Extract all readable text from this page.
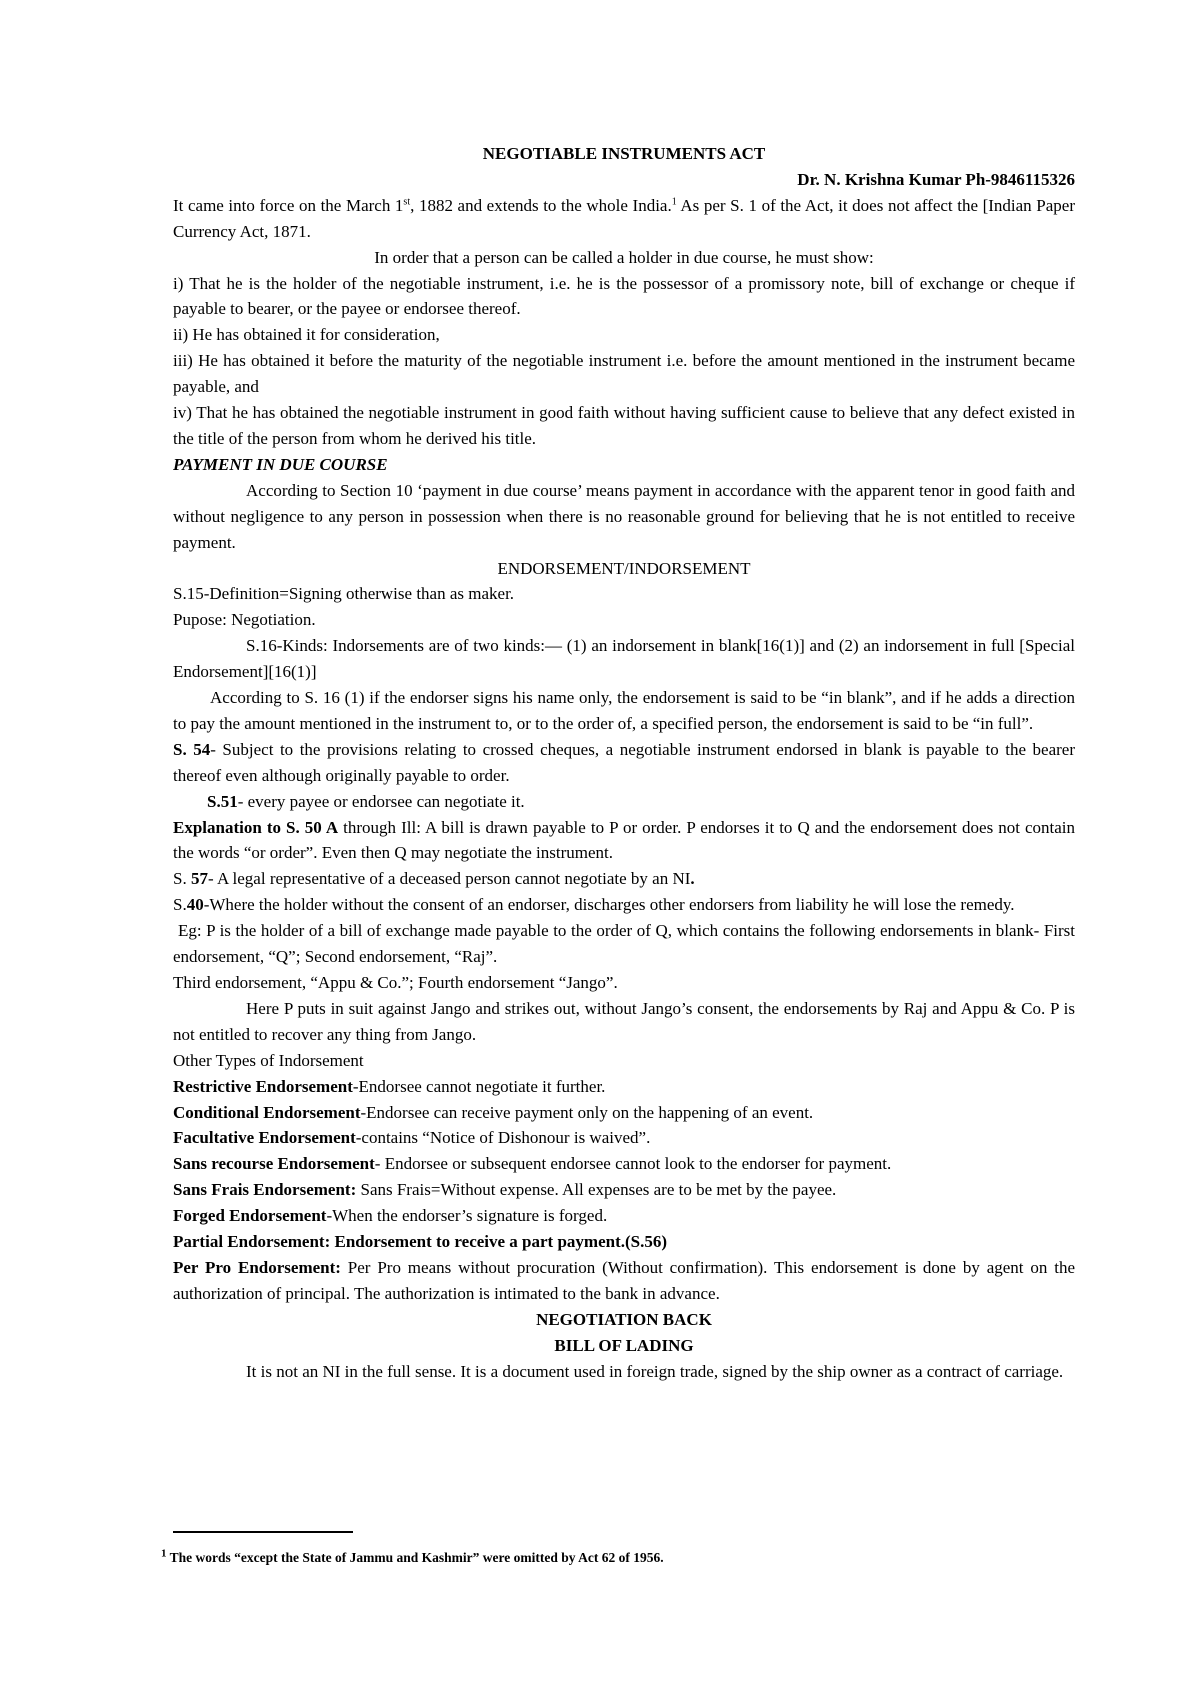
NEGOTIABLE INSTRUMENTS ACT

Dr. N. Krishna Kumar Ph-9846115326

It came into force on the March 1st, 1882 and extends to the whole India.$^1$ As per S. 1 of the Act, it does not affect the [Indian Paper Currency Act, 1871.

In order that a person can be called a holder in due course, he must show:

i) That he is the holder of the negotiable instrument, i.e. he is the possessor of a promissory note, bill of exchange or cheque if payable to bearer, or the payee or endorsee thereof.

ii) He has obtained it for consideration,

iii) He has obtained it before the maturity of the negotiable instrument i.e. before the amount mentioned in the instrument became payable, and

iv) That he has obtained the negotiable instrument in good faith without having sufficient cause to believe that any defect existed in the title of the person from whom he derived his title.

PAYMENT IN DUE COURSE

According to Section 10 ‘payment in due course’ means payment in accordance with the apparent tenor in good faith and without negligence to any person in possession when there is no reasonable ground for believing that he is not entitled to receive payment.

ENDORSEMENT/INDORSEMENT

S.15-Definition=Signing otherwise than as maker.

Pupose: Negotiation.

S.16-Kinds: Indorsements are of two kinds:— (1) an indorsement in blank[16(1)] and (2) an indorsement in full [Special Endorsement][16(1)]

According to S. 16 (1) if the endorser signs his name only, the endorsement is said to be “in blank”, and if he adds a direction to pay the amount mentioned in the instrument to, or to the order of, a specified person, the endorsement is said to be “in full”.

S. 54- Subject to the provisions relating to crossed cheques, a negotiable instrument endorsed in blank is payable to the bearer thereof even although originally payable to order.

S.51- every payee or endorsee can negotiate it.

Explanation to S. 50 A through Ill: A bill is drawn payable to P or order. P endorses it to Q and the endorsement does not contain the words “or order”. Even then Q may negotiate the instrument.

S. 57- A legal representative of a deceased person cannot negotiate by an NI.

S.40-Where the holder without the consent of an endorser, discharges other endorsers from liability he will lose the remedy.

Eg: P is the holder of a bill of exchange made payable to the order of Q, which contains the following endorsements in blank- First endorsement, “Q”; Second endorsement, “Raj”.

Third endorsement, “Appu & Co.”; Fourth endorsement “Jango”.

Here P puts in suit against Jango and strikes out, without Jango’s consent, the endorsements by Raj and Appu & Co. P is not entitled to recover any thing from Jango.

Other Types of Indorsement

Restrictive Endorsement-Endorsee cannot negotiate it further.

Conditional Endorsement-Endorsee can receive payment only on the happening of an event.

Facultative Endorsement-contains “Notice of Dishonour is waived”.

Sans recourse Endorsement- Endorsee or subsequent endorsee cannot look to the endorser for payment.

Sans Frais Endorsement: Sans Frais=Without expense. All expenses are to be met by the payee.

Forged Endorsement-When the endorser’s signature is forged.

Partial Endorsement: Endorsement to receive a part payment.(S.56)

Per Pro Endorsement: Per Pro means without procuration (Without confirmation). This endorsement is done by agent on the authorization of principal. The authorization is intimated to the bank in advance.

NEGOTIATION BACK

BILL OF LADING

It is not an NI in the full sense. It is a document used in foreign trade, signed by the ship owner as a contract of carriage.

$^1$ The words “except the State of Jammu and Kashmir” were omitted by Act 62 of 1956.
